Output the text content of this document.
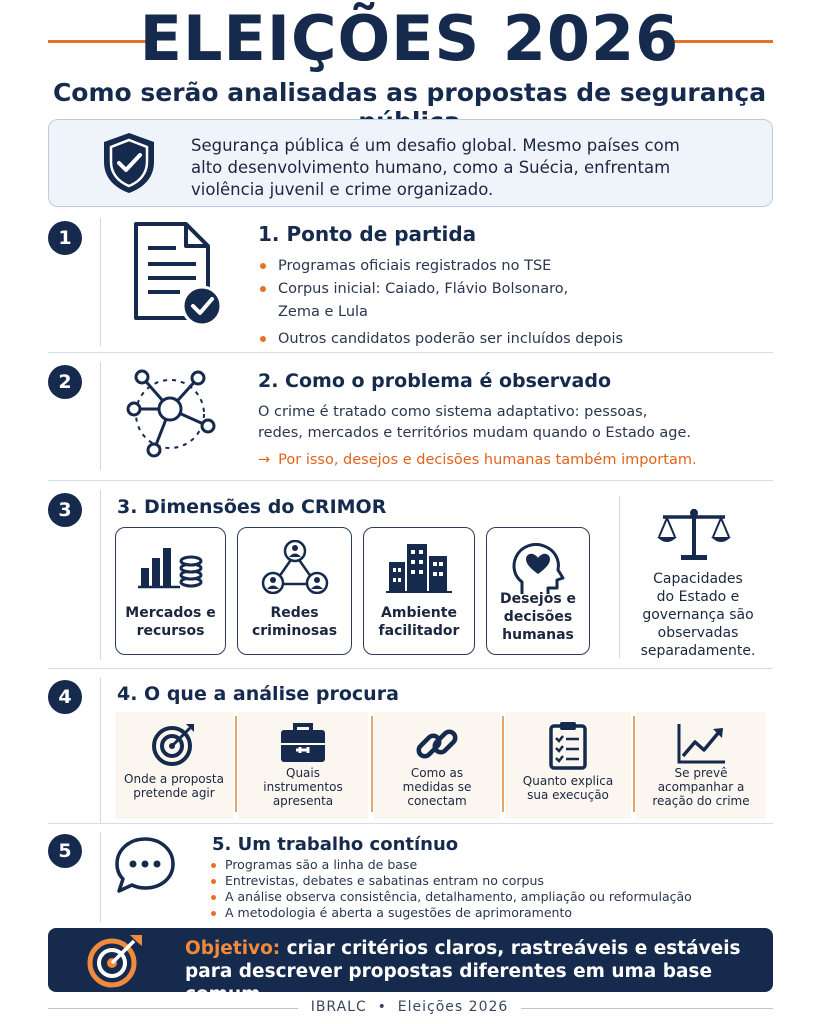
ELEIÇÕES 2026
Como serão analisadas as propostas de segurança
Segurança pública é um desafio global. Mesmo países com
alto desenvolvimento humano, como a Suécia, enfrentam
violência juvenil e crime organizado.
1	1. Ponto de partida
Programas oficiais registrados no TSE
Corpus inicial: Caiado, Flávio Bolsonaro,
Zema e Lula
Outros candidatos poderão ser incluídos depois
2	2. Como o problema é observado
O crime é tratado como sistema adaptativo: pessoas,
redes, mercados e territórios mudam quando o Estado age.
→ Por isso, desejos e decisões humanas também importam.
3	3. Dimensões do CRIMOR
Mercados e
recursos
Redes
criminosas
Ambiente
facilitador
Desejos e
decisões
humanas
Capacidades
do Estado e
governança são
observadas
separadamente.
4	4. O que a análise procura
Onde a proposta
pretende agir
Quais
instrumentos
apresenta
Como as
medidas se
conectam
Quanto explica
sua execução
Se prevê
acompanhar a
reação do crime
5	5. Um trabalho contínuo
Programas são a linha de base
Entrevistas, debates e sabatinas entram no corpus
A análise observa consistência, detalhamento, ampliação ou reformulação
A metodologia é aberta a sugestões de aprimoramento
Objetivo: criar critérios claros, rastreáveis e estáveis
para descrever propostas diferentes em uma base comum.
IBRALC  •  Eleições 2026
